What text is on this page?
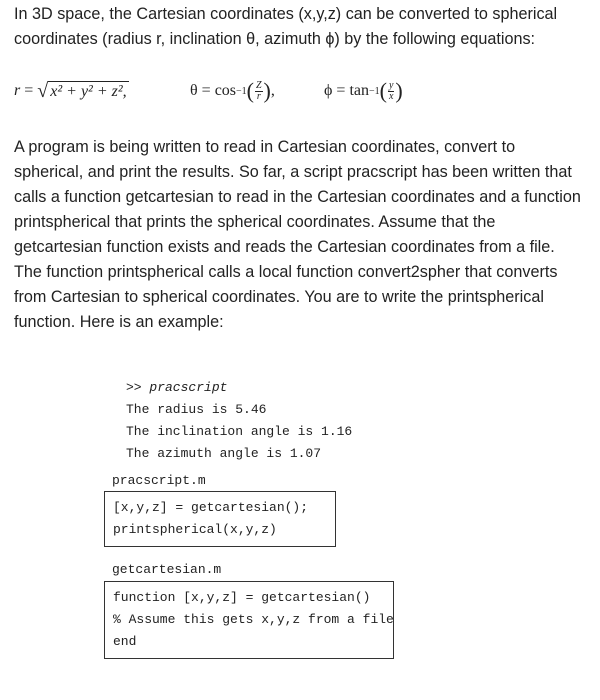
In 3D space, the Cartesian coordinates (x,y,z) can be converted to spherical coordinates (radius r, inclination θ, azimuth ϕ) by the following equations:

r = √ x² + y² + z²,	θ = cos −1 ( $\frac{Z}{r}$ ) ,	ϕ = tan −1 ( $\frac{y}{x}$ )

A program is being written to read in Cartesian coordinates, convert to spherical, and print the results. So far, a script pracscript has been written that calls a function getcartesian to read in the Cartesian coordinates and a function printspherical that prints the spherical coordinates. Assume that the getcartesian function exists and reads the Cartesian coordinates from a file. The function printspherical calls a local function convert2spher that converts from Cartesian to spherical coordinates. You are to write the printspherical function. Here is an example:

>> pracscript
The radius is 5.46
The inclination angle is 1.16
The azimuth angle is 1.07
pracscript.m
[x,y,z] = getcartesian();
printspherical(x,y,z)
getcartesian.m
function [x,y,z] = getcartesian()
% Assume this gets x,y,z from a file
end
